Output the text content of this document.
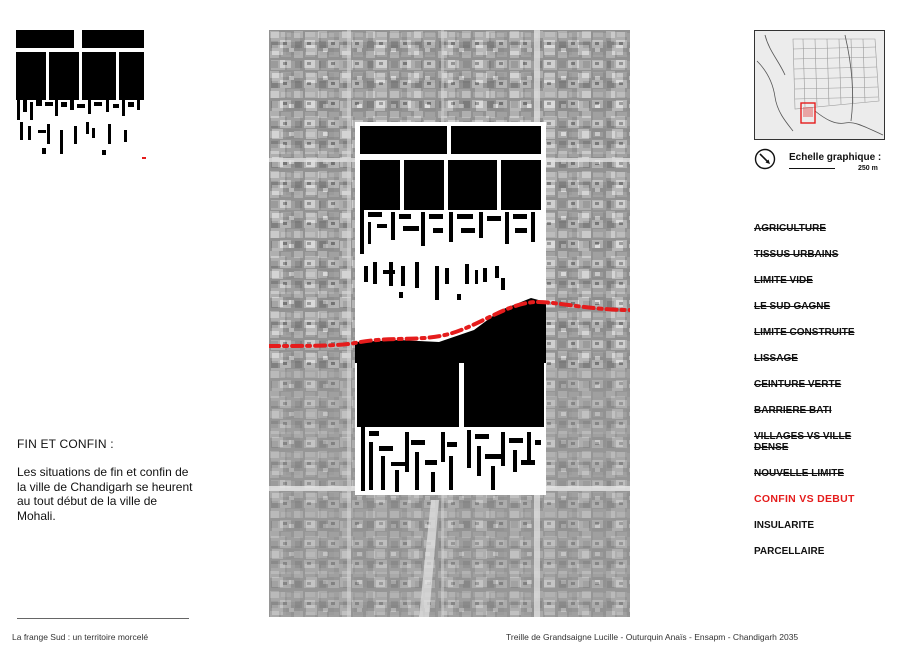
Echelle graphique :
250 m
AGRICULTURE
TISSUS URBAINS
LIMITE VIDE
LE SUD GAGNE
LIMITE CONSTRUITE
LISSAGE
CEINTURE VERTE
BARRIERE BATI
VILLAGES VS VILLE DENSE
NOUVELLE LIMITE
CONFIN VS DEBUT
INSULARITE
PARCELLAIRE
FIN ET CONFIN :
Les situations de fin et confin de la ville de Chandigarh se heurent au tout début de la ville de Mohali.
La frange Sud : un territoire morcelé	Treille de Grandsaigne Lucille - Outurquin Anaïs - Ensapm - Chandigarh 2035
